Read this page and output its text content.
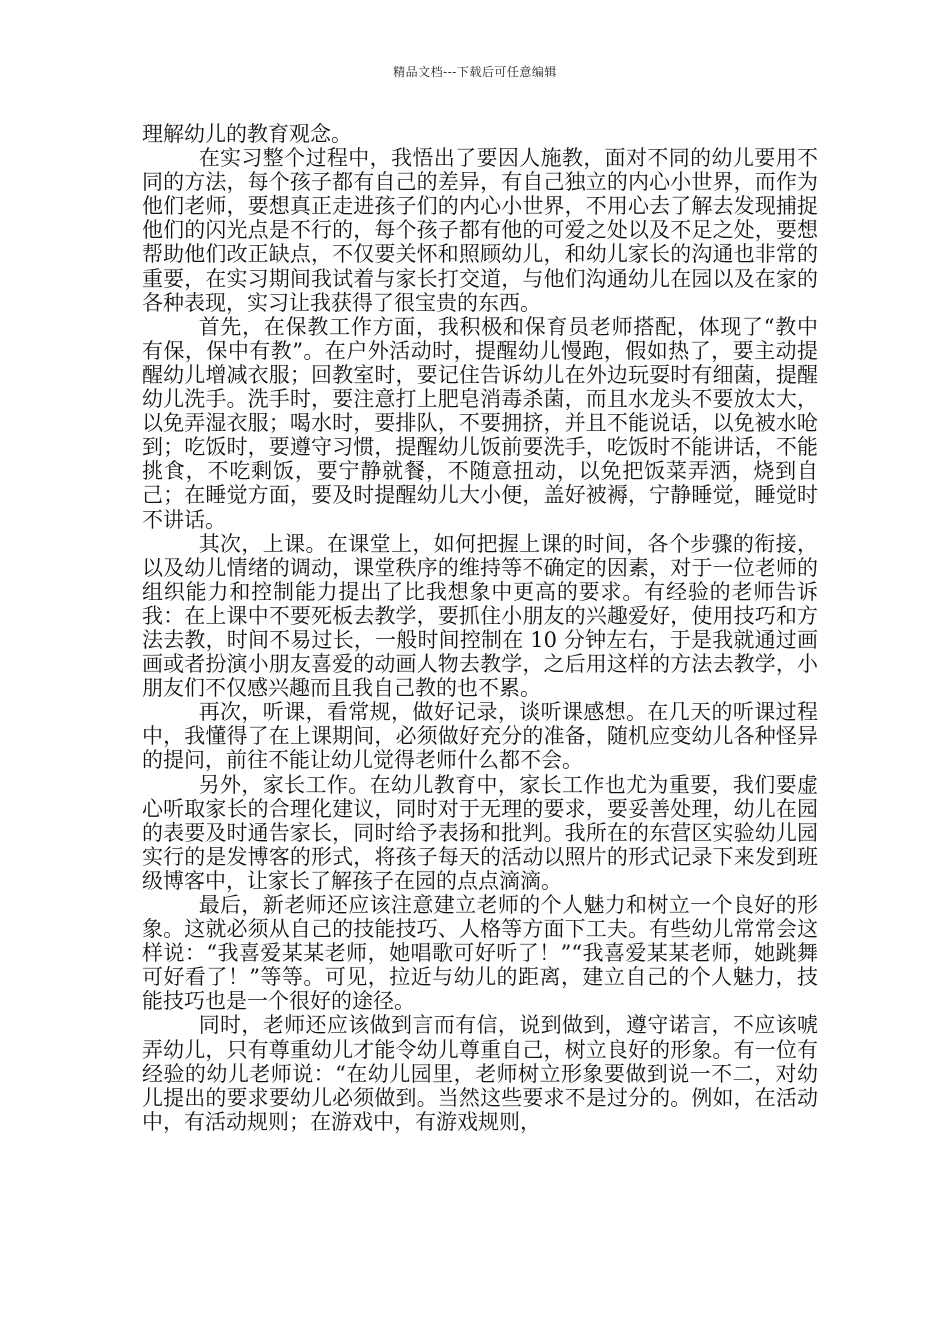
精品文档---下载后可任意编辑

理解幼儿的教育观念。

在实习整个过程中，我悟出了要因人施教，面对不同的幼儿要用不同的方法，每个孩子都有自己的差异，有自己独立的内心小世界，而作为他们老师，要想真正走进孩子们的内心小世界，不用心去了解去发现捕捉他们的闪光点是不行的，每个孩子都有他的可爱之处以及不足之处，要想帮助他们改正缺点，不仅要关怀和照顾幼儿，和幼儿家长的沟通也非常的重要，在实习期间我试着与家长打交道，与他们沟通幼儿在园以及在家的各种表现，实习让我获得了很宝贵的东西。

首先，在保教工作方面，我积极和保育员老师搭配，体现了“教中有保，保中有教”。在户外活动时，提醒幼儿慢跑，假如热了，要主动提醒幼儿增减衣服；回教室时，要记住告诉幼儿在外边玩耍时有细菌，提醒幼儿洗手。洗手时，要注意打上肥皂消毒杀菌，而且水龙头不要放太大，以免弄湿衣服；喝水时，要排队，不要拥挤，并且不能说话，以免被水呛到；吃饭时，要遵守习惯，提醒幼儿饭前要洗手，吃饭时不能讲话，不能挑食，不吃剩饭，要宁静就餐，不随意扭动，以免把饭菜弄洒，烧到自己；在睡觉方面，要及时提醒幼儿大小便，盖好被褥，宁静睡觉，睡觉时不讲话。

其次，上课。在课堂上，如何把握上课的时间，各个步骤的衔接，以及幼儿情绪的调动，课堂秩序的维持等不确定的因素，对于一位老师的组织能力和控制能力提出了比我想象中更高的要求。有经验的老师告诉我：在上课中不要死板去教学，要抓住小朋友的兴趣爱好，使用技巧和方法去教，时间不易过长，一般时间控制在 10 分钟左右，于是我就通过画画或者扮演小朋友喜爱的动画人物去教学，之后用这样的方法去教学，小朋友们不仅感兴趣而且我自己教的也不累。

再次，听课，看常规，做好记录，谈听课感想。在几天的听课过程中，我懂得了在上课期间，必须做好充分的准备，随机应变幼儿各种怪异的提问，前往不能让幼儿觉得老师什么都不会。

另外，家长工作。在幼儿教育中，家长工作也尤为重要，我们要虚心听取家长的合理化建议，同时对于无理的要求，要妥善处理，幼儿在园的表要及时通告家长，同时给予表扬和批判。我所在的东营区实验幼儿园实行的是发博客的形式，将孩子每天的活动以照片的形式记录下来发到班级博客中，让家长了解孩子在园的点点滴滴。

最后，新老师还应该注意建立老师的个人魅力和树立一个良好的形象。这就必须从自己的技能技巧、人格等方面下工夫。有些幼儿常常会这样说：“我喜爱某某老师，她唱歌可好听了！”“我喜爱某某老师，她跳舞可好看了！”等等。可见，拉近与幼儿的距离，建立自己的个人魅力，技能技巧也是一个很好的途径。

同时，老师还应该做到言而有信，说到做到，遵守诺言，不应该唬弄幼儿，只有尊重幼儿才能令幼儿尊重自己，树立良好的形象。有一位有经验的幼儿老师说：“在幼儿园里，老师树立形象要做到说一不二，对幼儿提出的要求要幼儿必须做到。当然这些要求不是过分的。例如，在活动中，有活动规则；在游戏中，有游戏规则，
